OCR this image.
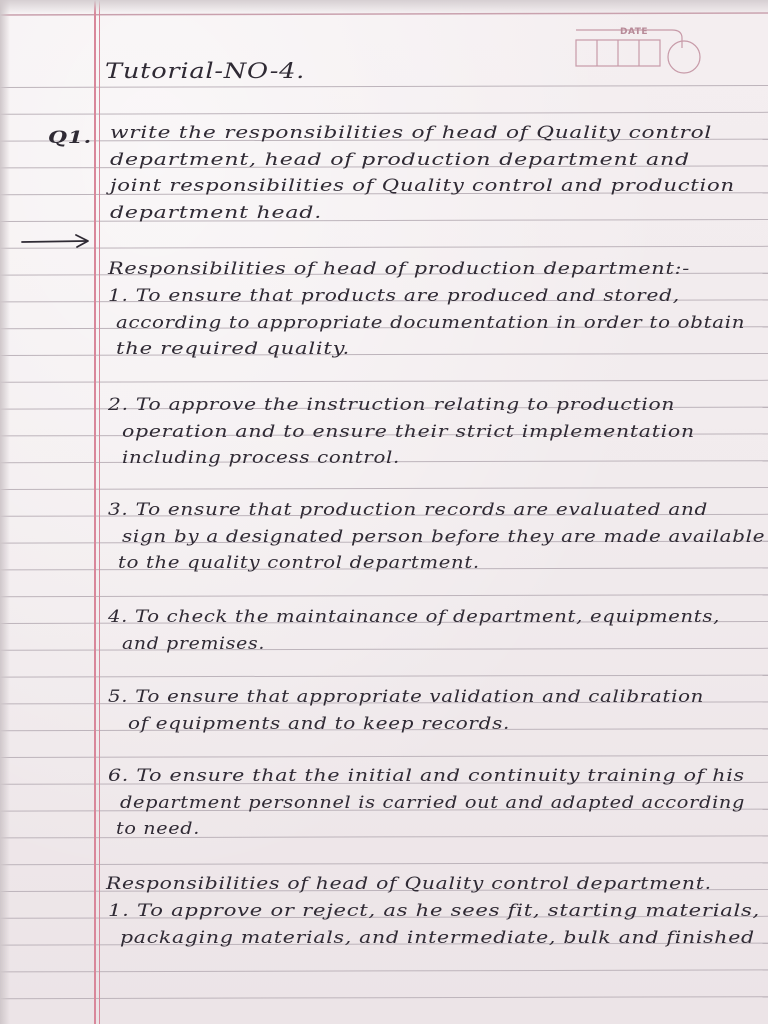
DATE
Tutorial-NO-4.
Q1.	write the responsibilities of head of Quality control
department, head of production department and
joint responsibilities of Quality control and production
department head.
Responsibilities of head of production department:-
1. To ensure that products are produced and stored,
according to appropriate documentation in order to obtain
the required quality.
2. To approve the instruction relating to production
operation and to ensure their strict implementation
including process control.
3. To ensure that production records are evaluated and
sign by a designated person before they are made available
to the quality control department.
4. To check the maintainance of department, equipments,
and premises.
5. To ensure that appropriate validation and calibration
of equipments and to keep records.
6. To ensure that the initial and continuity training of his
department personnel is carried out and adapted according
to need.
Responsibilities of head of Quality control department.
1. To approve or reject, as he sees fit, starting materials,
packaging materials, and intermediate, bulk and finished
